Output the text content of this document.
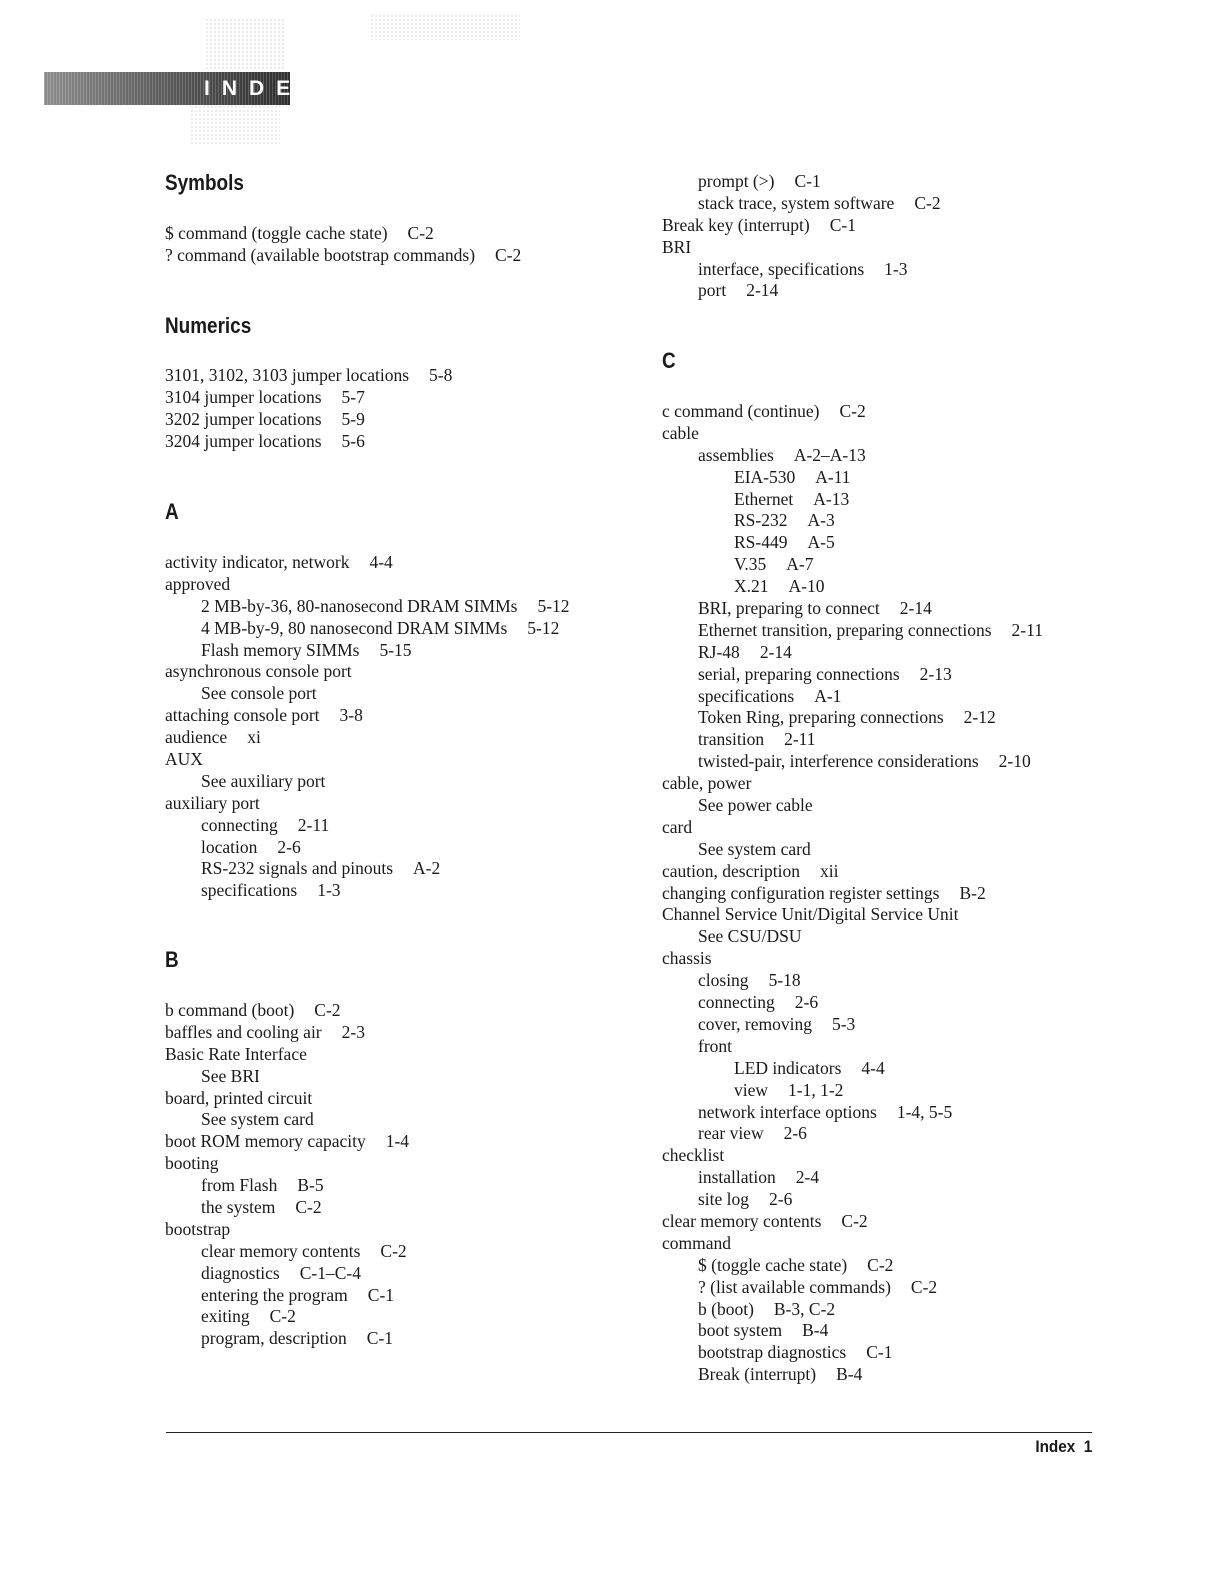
INDEX
Symbols
$ command (toggle cache state) C-2
? command (available bootstrap commands) C-2
Numerics
3101, 3102, 3103 jumper locations 5-8
3104 jumper locations 5-7
3202 jumper locations 5-9
3204 jumper locations 5-6
A
activity indicator, network 4-4
approved
2 MB-by-36, 80-nanosecond DRAM SIMMs 5-12
4 MB-by-9, 80 nanosecond DRAM SIMMs 5-12
Flash memory SIMMs 5-15
asynchronous console port
See console port
attaching console port 3-8
audience xi
AUX
See auxiliary port
auxiliary port
connecting 2-11
location 2-6
RS-232 signals and pinouts A-2
specifications 1-3
B
b command (boot) C-2
baffles and cooling air 2-3
Basic Rate Interface
See BRI
board, printed circuit
See system card
boot ROM memory capacity 1-4
booting
from Flash B-5
the system C-2
bootstrap
clear memory contents C-2
diagnostics C-1–C-4
entering the program C-1
exiting C-2
program, description C-1
prompt (>) C-1
stack trace, system software C-2
Break key (interrupt) C-1
BRI
interface, specifications 1-3
port 2-14
C
c command (continue) C-2
cable
assemblies A-2–A-13
EIA-530 A-11
Ethernet A-13
RS-232 A-3
RS-449 A-5
V.35 A-7
X.21 A-10
BRI, preparing to connect 2-14
Ethernet transition, preparing connections 2-11
RJ-48 2-14
serial, preparing connections 2-13
specifications A-1
Token Ring, preparing connections 2-12
transition 2-11
twisted-pair, interference considerations 2-10
cable, power
See power cable
card
See system card
caution, description xii
changing configuration register settings B-2
Channel Service Unit/Digital Service Unit
See CSU/DSU
chassis
closing 5-18
connecting 2-6
cover, removing 5-3
front
LED indicators 4-4
view 1-1, 1-2
network interface options 1-4, 5-5
rear view 2-6
checklist
installation 2-4
site log 2-6
clear memory contents C-2
command
$ (toggle cache state) C-2
? (list available commands) C-2
b (boot) B-3, C-2
boot system B-4
bootstrap diagnostics C-1
Break (interrupt) B-4
Index 1
